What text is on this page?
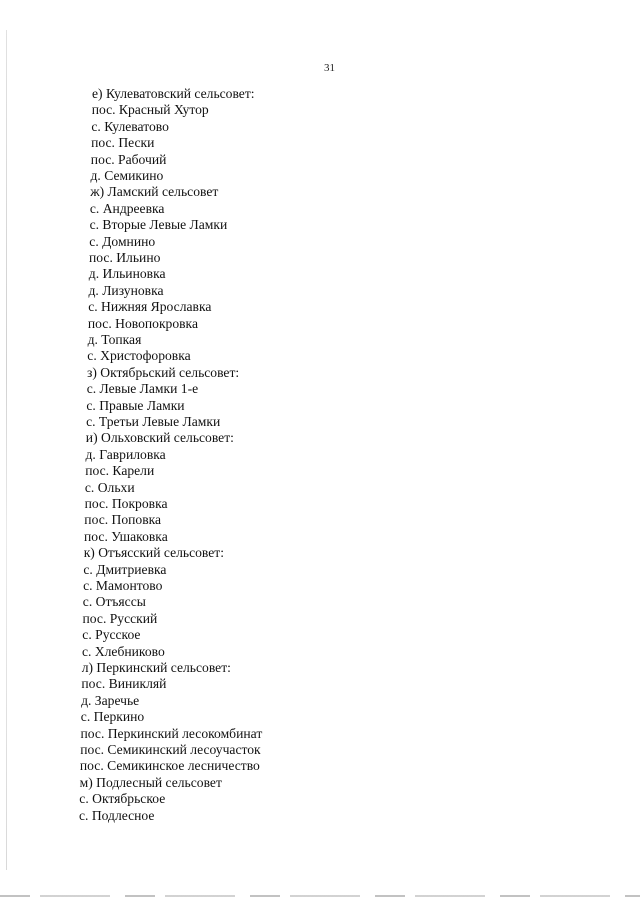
31
е) Кулеватовский сельсовет:
пос. Красный Хутор
с. Кулеватово
пос. Пески
пос. Рабочий
д. Семикино
ж) Ламский сельсовет
с. Андреевка
с. Вторые Левые Ламки
с. Домнино
пос. Ильино
д. Ильиновка
д. Лизуновка
с. Нижняя Ярославка
пос. Новопокровка
д. Топкая
с. Христофоровка
з) Октябрьский сельсовет:
с. Левые Ламки 1-е
с. Правые Ламки
с. Третьи Левые Ламки
и) Ольховский сельсовет:
д. Гавриловка
пос. Карели
с. Ольхи
пос. Покровка
пос. Поповка
пос. Ушаковка
к) Отъясский сельсовет:
с. Дмитриевка
с. Мамонтово
с. Отъяссы
пос. Русский
с. Русское
с. Хлебниково
л) Перкинский сельсовет:
пос. Виникляй
д. Заречье
с. Перкино
пос. Перкинский лесокомбинат
пос. Семикинский лесоучасток
пос. Семикинское лесничество
м) Подлесный сельсовет
с. Октябрьское
с. Подлесное
